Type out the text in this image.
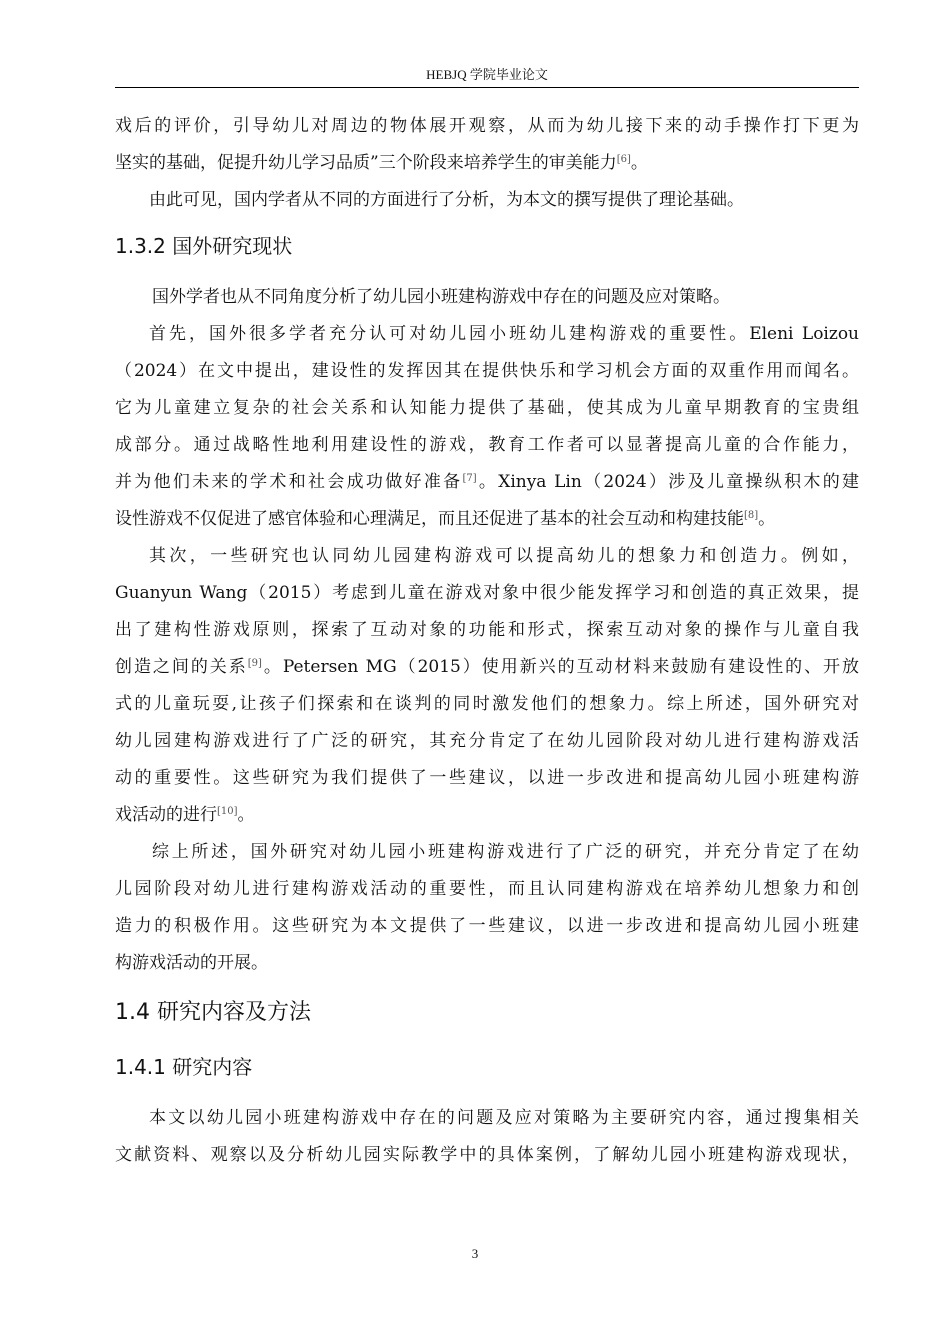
HEBJQ 学院毕业论文
戏后的评价，引导幼儿对周边的物体展开观察，从而为幼儿接下来的动手操作打下更为
坚实的基础，促提升幼儿学习品质”三个阶段来培养学生的审美能力[6]。
由此可见，国内学者从不同的方面进行了分析，为本文的撰写提供了理论基础。
1.3.2 国外研究现状
国外学者也从不同角度分析了幼儿园小班建构游戏中存在的问题及应对策略。
首先，国外很多学者充分认可对幼儿园小班幼儿建构游戏的重要性。Eleni Loizou
（2024）在文中提出，建设性的发挥因其在提供快乐和学习机会方面的双重作用而闻名。
它为儿童建立复杂的社会关系和认知能力提供了基础，使其成为儿童早期教育的宝贵组
成部分。通过战略性地利用建设性的游戏，教育工作者可以显著提高儿童的合作能力，
并为他们未来的学术和社会成功做好准备[7]。Xinya Lin（2024）涉及儿童操纵积木的建
设性游戏不仅促进了感官体验和心理满足，而且还促进了基本的社会互动和构建技能[8]。
其次，一些研究也认同幼儿园建构游戏可以提高幼儿的想象力和创造力。例如，
Guanyun Wang（2015）考虑到儿童在游戏对象中很少能发挥学习和创造的真正效果，提
出了建构性游戏原则，探索了互动对象的功能和形式，探索互动对象的操作与儿童自我
创造之间的关系[9]。Petersen MG（2015）使用新兴的互动材料来鼓励有建设性的、开放
式的儿童玩耍,让孩子们探索和在谈判的同时激发他们的想象力。综上所述，国外研究对
幼儿园建构游戏进行了广泛的研究，其充分肯定了在幼儿园阶段对幼儿进行建构游戏活
动的重要性。这些研究为我们提供了一些建议，以进一步改进和提高幼儿园小班建构游
戏活动的进行[10]。
综上所述，国外研究对幼儿园小班建构游戏进行了广泛的研究，并充分肯定了在幼
儿园阶段对幼儿进行建构游戏活动的重要性，而且认同建构游戏在培养幼儿想象力和创
造力的积极作用。这些研究为本文提供了一些建议，以进一步改进和提高幼儿园小班建
构游戏活动的开展。
1.4 研究内容及方法
1.4.1 研究内容
本文以幼儿园小班建构游戏中存在的问题及应对策略为主要研究内容，通过搜集相关
文献资料、观察以及分析幼儿园实际教学中的具体案例，了解幼儿园小班建构游戏现状，
3
